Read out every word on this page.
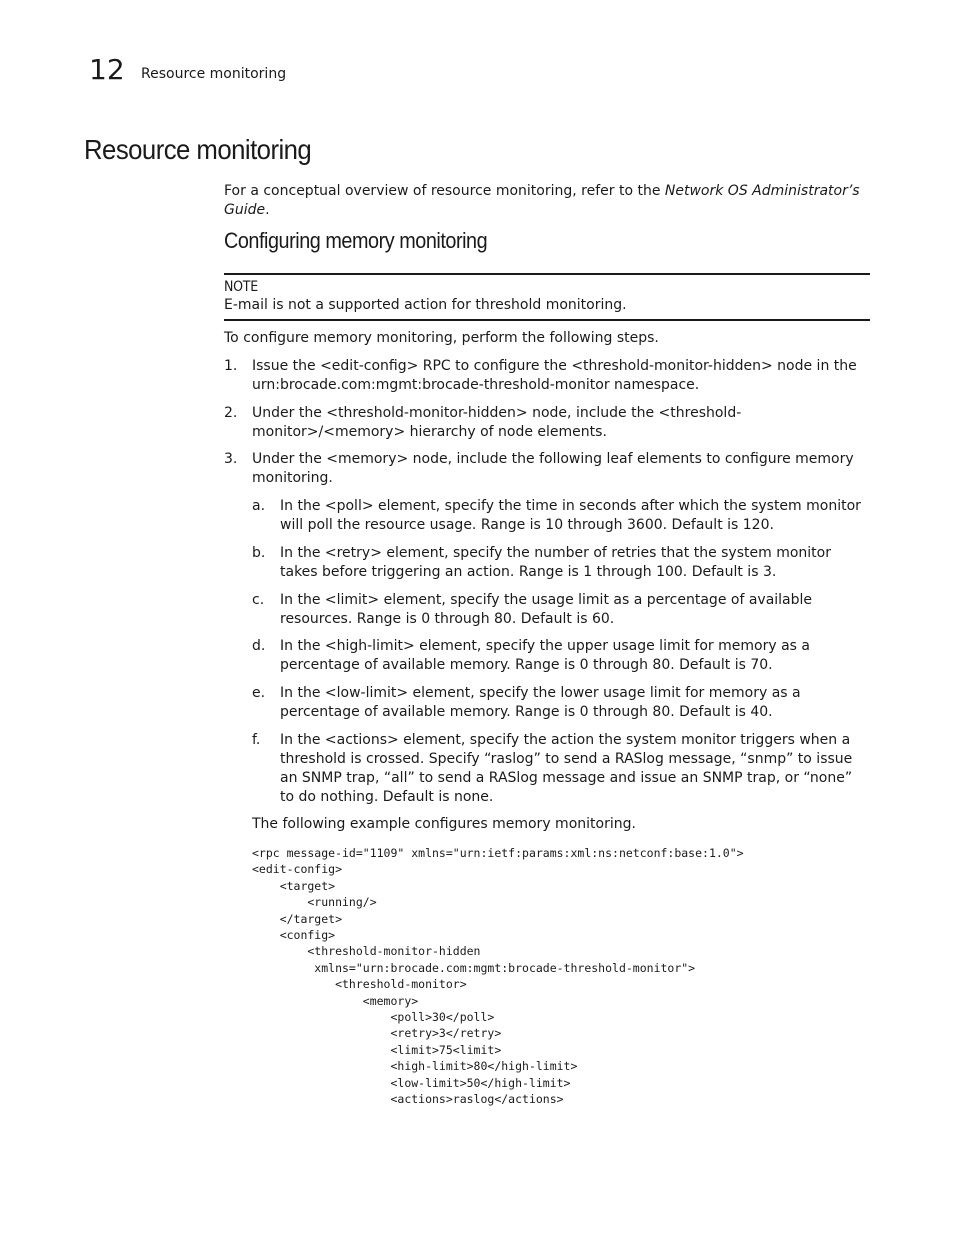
12 Resource monitoring
Resource monitoring
For a conceptual overview of resource monitoring, refer to the Network OS Administrator’s Guide.
Configuring memory monitoring
NOTE
E-mail is not a supported action for threshold monitoring.
To configure memory monitoring, perform the following steps.
1. Issue the <edit-config> RPC to configure the <threshold-monitor-hidden> node in the urn:brocade.com:mgmt:brocade-threshold-monitor namespace.
2. Under the <threshold-monitor-hidden> node, include the <threshold-monitor>/<memory> hierarchy of node elements.
3. Under the <memory> node, include the following leaf elements to configure memory monitoring.
a. In the <poll> element, specify the time in seconds after which the system monitor will poll the resource usage. Range is 10 through 3600. Default is 120.
b. In the <retry> element, specify the number of retries that the system monitor takes before triggering an action. Range is 1 through 100. Default is 3.
c. In the <limit> element, specify the usage limit as a percentage of available resources. Range is 0 through 80. Default is 60.
d. In the <high-limit> element, specify the upper usage limit for memory as a percentage of available memory. Range is 0 through 80. Default is 70.
e. In the <low-limit> element, specify the lower usage limit for memory as a percentage of available memory. Range is 0 through 80. Default is 40.
f. In the <actions> element, specify the action the system monitor triggers when a threshold is crossed. Specify “raslog” to send a RASlog message, “snmp” to issue an SNMP trap, “all” to send a RASlog message and issue an SNMP trap, or “none” to do nothing. Default is none.
The following example configures memory monitoring.
<rpc message-id="1109" xmlns="urn:ietf:params:xml:ns:netconf:base:1.0">
<edit-config>
<target>
<running/>
</target>
<config>
<threshold-monitor-hidden
xmlns="urn:brocade.com:mgmt:brocade-threshold-monitor">
<threshold-monitor>
<memory>
<poll>30</poll>
<retry>3</retry>
<limit>75<limit>
<high-limit>80</high-limit>
<low-limit>50</high-limit>
<actions>raslog</actions>
